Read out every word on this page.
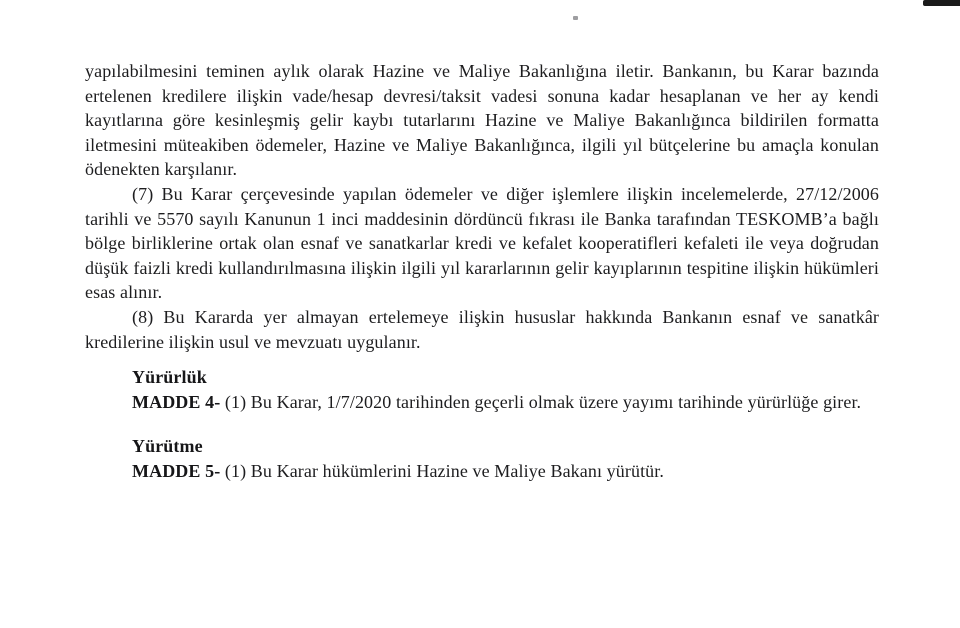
yapılabilmesini teminen aylık olarak Hazine ve Maliye Bakanlığına iletir. Bankanın, bu Karar bazında ertelenen kredilere ilişkin vade/hesap devresi/taksit vadesi sonuna kadar hesaplanan ve her ay kendi kayıtlarına göre kesinleşmiş gelir kaybı tutarlarını Hazine ve Maliye Bakanlığınca bildirilen formatta iletmesini müteakiben ödemeler, Hazine ve Maliye Bakanlığınca, ilgili yıl bütçelerine bu amaçla konulan ödenekten karşılanır.

(7) Bu Karar çerçevesinde yapılan ödemeler ve diğer işlemlere ilişkin incelemelerde, 27/12/2006 tarihli ve 5570 sayılı Kanunun 1 inci maddesinin dördüncü fıkrası ile Banka tarafından TESKOMB’a bağlı bölge birliklerine ortak olan esnaf ve sanatkarlar kredi ve kefalet kooperatifleri kefaleti ile veya doğrudan düşük faizli kredi kullandırılmasına ilişkin ilgili yıl kararlarının gelir kayıplarının tespitine ilişkin hükümleri esas alınır.

(8) Bu Kararda yer almayan ertelemeye ilişkin hususlar hakkında Bankanın esnaf ve sanatkâr kredilerine ilişkin usul ve mevzuatı uygulanır.

Yürürlük

MADDE 4- (1) Bu Karar, 1/7/2020 tarihinden geçerli olmak üzere yayımı tarihinde yürürlüğe girer.

Yürütme

MADDE 5- (1) Bu Karar hükümlerini Hazine ve Maliye Bakanı yürütür.
